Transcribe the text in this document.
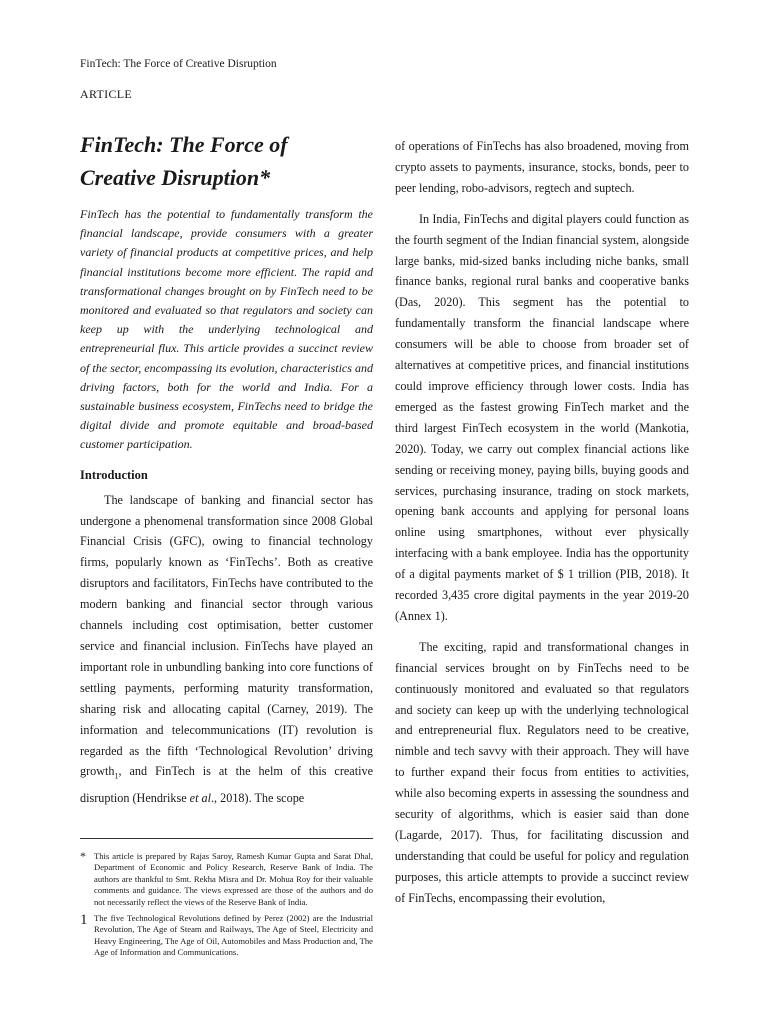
FinTech: The Force of Creative Disruption
ARTICLE
FinTech: The Force of
Creative Disruption*

FinTech has the potential to fundamentally transform the financial landscape, provide consumers with a greater variety of financial products at competitive prices, and help financial institutions become more efficient. The rapid and transformational changes brought on by FinTech need to be monitored and evaluated so that regulators and society can keep up with the underlying technological and entrepreneurial flux. This article provides a succinct review of the sector, encompassing its evolution, characteristics and driving factors, both for the world and India. For a sustainable business ecosystem, FinTechs need to bridge the digital divide and promote equitable and broad-based customer participation.

Introduction

The landscape of banking and financial sector has undergone a phenomenal transformation since 2008 Global Financial Crisis (GFC), owing to financial technology firms, popularly known as ‘FinTechs’. Both as creative disruptors and facilitators, FinTechs have contributed to the modern banking and financial sector through various channels including cost optimisation, better customer service and financial inclusion. FinTechs have played an important role in unbundling banking into core functions of settling payments, performing maturity transformation, sharing risk and allocating capital (Carney, 2019). The information and telecommunications (IT) revolution is regarded as the fifth ‘Technological Revolution’ driving growth$_1$, and FinTech is at the helm of this creative disruption (Hendrikse et al., 2018). The scope

of operations of FinTechs has also broadened, moving from crypto assets to payments, insurance, stocks, bonds, peer to peer lending, robo-advisors, regtech and suptech.

In India, FinTechs and digital players could function as the fourth segment of the Indian financial system, alongside large banks, mid-sized banks including niche banks, small finance banks, regional rural banks and cooperative banks (Das, 2020). This segment has the potential to fundamentally transform the financial landscape where consumers will be able to choose from broader set of alternatives at competitive prices, and financial institutions could improve efficiency through lower costs. India has emerged as the fastest growing FinTech market and the third largest FinTech ecosystem in the world (Mankotia, 2020). Today, we carry out complex financial actions like sending or receiving money, paying bills, buying goods and services, purchasing insurance, trading on stock markets, opening bank accounts and applying for personal loans online using smartphones, without ever physically interfacing with a bank employee. India has the opportunity of a digital payments market of $ 1 trillion (PIB, 2018). It recorded 3,435 crore digital payments in the year 2019-20 (Annex 1).

The exciting, rapid and transformational changes in financial services brought on by FinTechs need to be continuously monitored and evaluated so that regulators and society can keep up with the underlying technological and entrepreneurial flux. Regulators need to be creative, nimble and tech savvy with their approach. They will have to further expand their focus from entities to activities, while also becoming experts in assessing the soundness and security of algorithms, which is easier said than done (Lagarde, 2017). Thus, for facilitating discussion and understanding that could be useful for policy and regulation purposes, this article attempts to provide a succinct review of FinTechs, encompassing their evolution,

* This article is prepared by Rajas Saroy, Ramesh Kumar Gupta and Sarat Dhal, Department of Economic and Policy Research, Reserve Bank of India. The authors are thankful to Smt. Rekha Misra and Dr. Mohua Roy for their valuable comments and guidance. The views expressed are those of the authors and do not necessarily reflect the views of the Reserve Bank of India.
1 The five Technological Revolutions defined by Perez (2002) are the Industrial Revolution, The Age of Steam and Railways, The Age of Steel, Electricity and Heavy Engineering, The Age of Oil, Automobiles and Mass Production and, The Age of Information and Communications.
